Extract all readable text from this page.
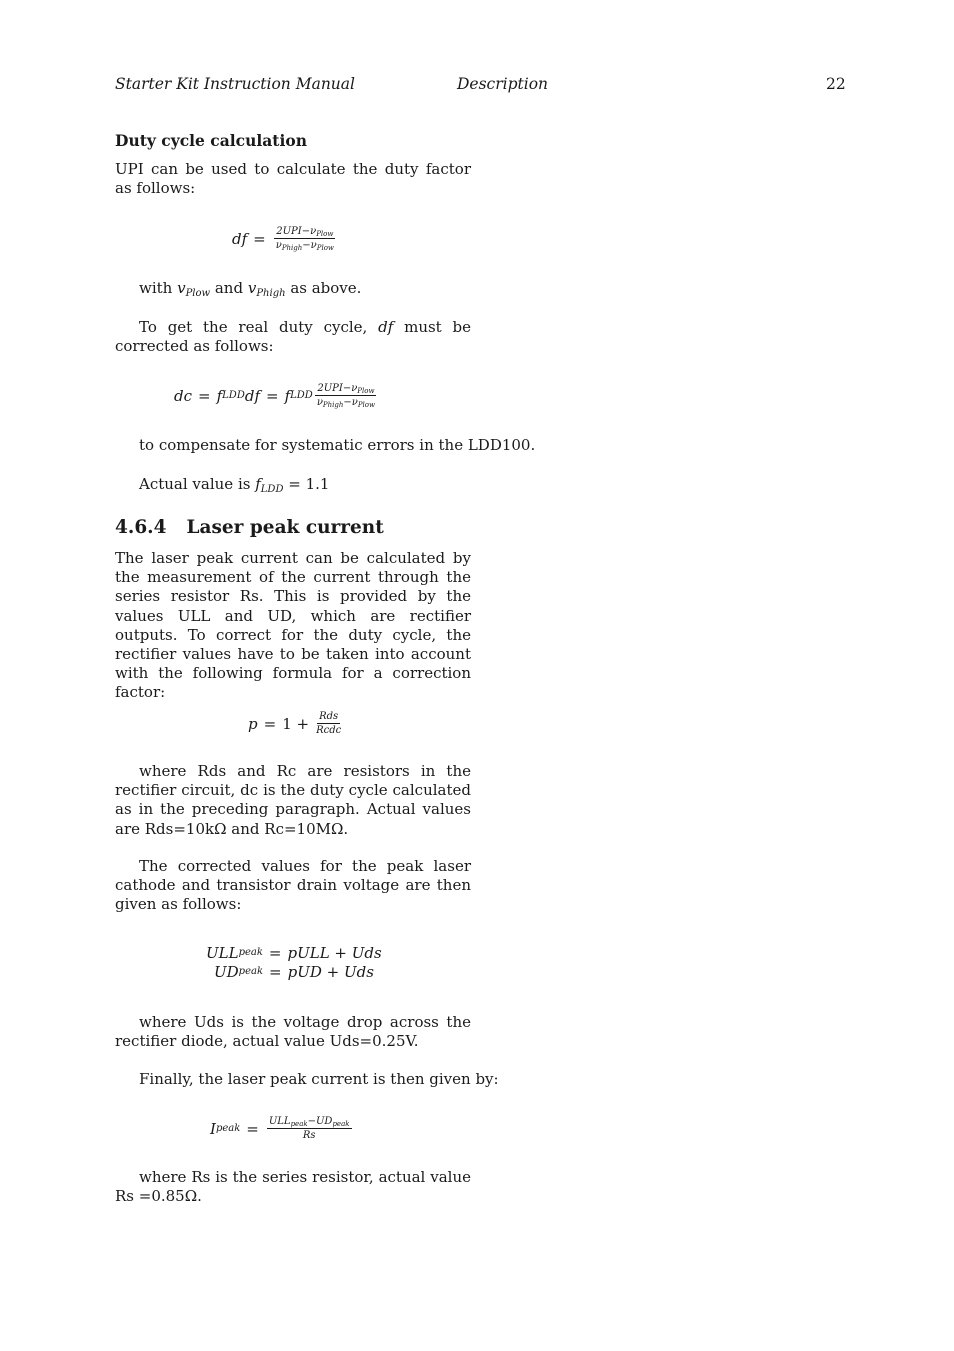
Starter Kit Instruction Manual	Description	22
Duty cycle calculation
UPI can be used to calculate the duty factor as follows:
df = $\frac{2UPI-\nu_{Plow}}{\nu_{Phigh}-\nu_{Plow}}$
with $v_{Plow}$ and $v_{Phigh}$ as above.
To get the real duty cycle, df must be corrected as follows:
dc = f LDD df = f LDD $\frac{2UPI-\nu_{Plow}}{\nu_{Phigh}-\nu_{Plow}}$
to compensate for systematic errors in the LDD100.
Actual value is $f_{LDD} = 1.1$
4.6.4 Laser peak current
The laser peak current can be calculated by the measurement of the current through the series resistor Rs. This is provided by the values ULL and UD, which are rectifier outputs. To correct for the duty cycle, the rectifier values have to be taken into account with the following formula for a correction factor:
$p = 1 + \frac{\text{Rds}}{\text{Rcdc}}$
where Rds and Rc are resistors in the rectifier circuit, dc is the duty cycle calculated as in the preceding paragraph. Actual values are Rds=10kΩ and Rc=10MΩ.
The corrected values for the peak laser cathode and transistor drain voltage are then given as follows:
ULL peak = pULL + Uds
UD peak = pUD + Uds
where Uds is the voltage drop across the rectifier diode, actual value Uds=0.25V.
Finally, the laser peak current is then given by:
I peak = $\frac{ULL_{peak}-UD_{peak}}{Rs}$
where Rs is the series resistor, actual value Rs =0.85Ω.
